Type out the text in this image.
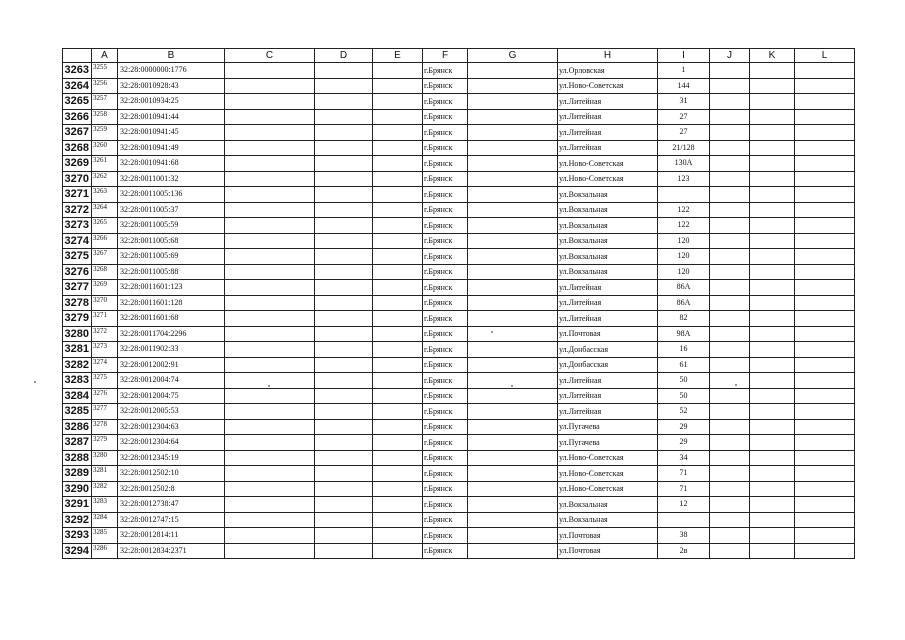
	A	B	C	D	E	F	G	H	I	J	K	L
3263	3255	32:28:0000000:1776				г.Брянск		ул.Орловская	1			
3264	3256	32:28:0010928:43				г.Брянск		ул.Ново-Советская	144			
3265	3257	32:28:0010934:25				г.Брянск		ул.Литейная	31			
3266	3258	32:28:0010941:44				г.Брянск		ул.Литейная	27			
3267	3259	32:28:0010941:45				г.Брянск		ул.Литейная	27			
3268	3260	32:28:0010941:49				г.Брянск		ул.Литейная	21/128			
3269	3261	32:28:0010941:68				г.Брянск		ул.Ново-Советская	130А			
3270	3262	32:28:0011001:32				г.Брянск		ул.Ново-Советская	123			
3271	3263	32:28:0011005:136				г.Брянск		ул.Вокзальная				
3272	3264	32:28:0011005:37				г.Брянск		ул.Вокзальная	122			
3273	3265	32:28:0011005:59				г.Брянск		ул.Вокзальная	122			
3274	3266	32:28:0011005:68				г.Брянск		ул.Вокзальная	120			
3275	3267	32:28:0011005:69				г.Брянск		ул.Вокзальная	120			
3276	3268	32:28:0011005:88				г.Брянск		ул.Вокзальная	120			
3277	3269	32:28:0011601:123				г.Брянск		ул.Литейная	86А			
3278	3270	32:28:0011601:128				г.Брянск		ул.Литейная	86А			
3279	3271	32:28:0011601:68				г.Брянск		ул.Литейная	82			
3280	3272	32:28:0011704:2296				г.Брянск		ул.Почтовая	98А			
3281	3273	32:28:0011902:33				г.Брянск		ул.Донбасская	16			
3282	3274	32:28:0012002:91				г.Брянск		ул.Донбасская	61			
3283	3275	32:28:0012004:74				г.Брянск		ул.Литейная	50			
3284	3276	32:28:0012004:75				г.Брянск		ул.Литейная	50			
3285	3277	32:28:0012005:53				г.Брянск		ул.Литейная	52			
3286	3278	32:28:0012304:63				г.Брянск		ул.Пугачева	29			
3287	3279	32:28:0012304:64				г.Брянск		ул.Пугачева	29			
3288	3280	32:28:0012345:19				г.Брянск		ул.Ново-Советская	34			
3289	3281	32:28:0012502:10				г.Брянск		ул.Ново-Советская	71			
3290	3282	32:28:0012502:8				г.Брянск		ул.Ново-Советская	71			
3291	3283	32:28:0012738:47				г.Брянск		ул.Вокзальная	12			
3292	3284	32:28:0012747:15				г.Брянск		ул.Вокзальная				
3293	3285	32:28:0012814:11				г.Брянск		ул.Почтовая	38			
3294	3286	32:28:0012834:2371				г.Брянск		ул.Почтовая	2в			
